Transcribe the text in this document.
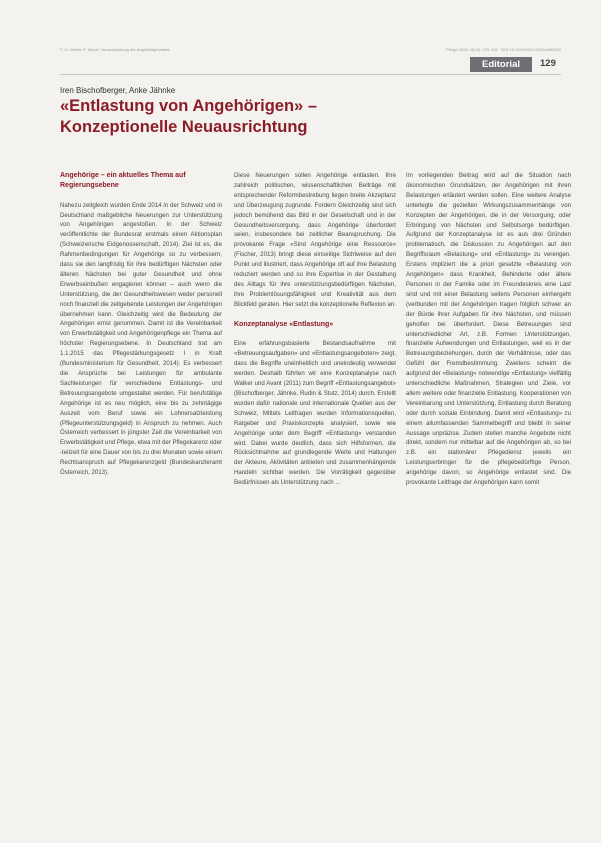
T.-O. Kieffer, P. Meyer: Neuausrichtung der Angehörigenarbeit	Pflege 2015; 28 (3): 129–131 · DOI 10.1024/1012-5302/a000433
Editorial	129
Iren Bischofberger, Anke Jähnke
«Entlastung von Angehörigen» – Konzeptionelle Neuausrichtung

Angehörige – ein aktuelles Thema auf Regierungsebene

Nahezu zeitgleich wurden Ende 2014 in der Schweiz und in Deutschland maßgebliche Neuerungen zur Unterstützung von Angehörigen angestoßen. In der Schweiz veröffentlichte der Bundesrat erstmals einen Aktionsplan (Schweizerische Eidgenossenschaft, 2014). Ziel ist es, die Rahmenbedingungen für Angehörige so zu verbessern, dass sie den langfristig für ihre bedürftigen Nächsten oder älteren Nächsten bei guter Gesundheit und ohne Erwerbseinbußen engagieren können – auch wenn die Unterstützung, die der Gesundheitswesen weder personell noch finanziell die zeitgebende Leistungen der Angehörigen übernehmen kann. Gleichzeitig wird die Bedeutung der Angehörigen ernst genommen. Damit ist die Vereinbarkeit von Erwerbstätigkeit und Angehörigenpflege ein Thema auf höchster Regierungsebene. In Deutschland trat am 1.1.2015 das Pflegestärkungsgesetz I in Kraft (Bundesministerium für Gesundheit, 2014). Es verbessert die Ansprüche bei Leistungen für ambulante Sachleistungen für verschiedene Entlastungs- und Betreuungsangebote umgestaltet werden. Für berufstätige Angehörige ist es neu möglich, eine bis zu zehntägige Auszeit vom Beruf sowie ein Lohnersatzleistung (Pflegeunterstützungsgeld) in Anspruch zu nehmen. Auch Österreich verbessert in jüngster Zeit die Vereinbarkeit von Erwerbstätigkeit und Pflege, etwa mit der Pflegekarenz oder -teilzeit für eine Dauer von bis zu drei Monaten sowie einem Rechtsanspruch auf Pflegekarenzgeld (Bundeskanzleramt Österreich, 2013).

Diese Neuerungen sollen Angehörige entlasten. Ihre zahlreich politischen, wissenschaftlichen Beiträge mit entsprechender Reformbestrebung liegen breite Akzeptanz und Überzeugung zugrunde. Fordern Gleichzeitig sind sich jedoch bemühend das Bild in der Gesellschaft und in der Gesundheitsversorgung, dass Angehörige überfordert seien, insbesondere bei zeitlicher Beanspruchung. Die provokante Frage «Sind Angehörige eine Ressource» (Fischer, 2013) bringt diese einseitige Sichtweise auf den Punkt und illustriert, dass Angehörige oft auf ihre Belastung reduziert werden und so ihre Expertise in der Gestaltung des Alltags für ihre unterstützungsbedürftigen Nächsten, ihre Problemlösungsfähigkeit und Kreativität aus dem Blickfeld geraten. Hier setzt die konzeptionelle Reflexion an.

Konzeptanalyse «Entlastung»

Eine erfahrungsbasierte Bestandsaufnahme mit «Betreuungsaufgaben» und «Entlastungsangeboten» zeigt, dass die Begriffe uneinheitlich und uneindeutig verwendet werden. Deshalb führten wir eine Konzeptanalyse nach Walker und Avant (2011) zum Begriff «Entlastungsangebot» (Bischofberger, Jähnke, Rudin & Stutz, 2014) durch. Erstellt wurden dafür nationale und internationale Quellen aus der Schweiz, Mittels Leitfragen wurden Informationsquellen, Ratgeber und Praxiskonzepte analysiert, sowie wie Angehörige unter dem Begriff «Entlastung» verstanden wird. Dabei wurde deutlich, dass sich Hilfsformen, die Rücksichtnahme auf grundlegende Werte und Haltungen der Akteure, Aktivitäten anbieten und zusammenhängende Handeln sichtbar werden. Die Vorrätigkeit gegenüber Bedürfnissen als Unterstützung nach ...

Im vorliegenden Beitrag wird auf die Situation nach ökonomischen Grundsätzen, der Angehörigen mit ihren Belastungen erläutert werden sollen. Eine weitere Analyse unterlegte die gezielten Wirkungszusammenhänge von Konzepten der Angehörigen, die in der Versorgung, oder Erbringung von Nächsten und Selbstsorge bedürftigen. Aufgrund der Konzeptanalyse ist es aus drei Gründen problematisch, die Diskussion zu Angehörigen auf den Begriffsraum «Belastung» und «Entlastung» zu verengen. Erstens impliziert die a priori gesetzte «Belastung von Angehörigen» dass Krankheit, Behinderte oder ältere Personen in der Familie oder im Freundeskreis eine Last sind und mit einer Belastung seitens Personen einhergeht (verbunden mit der Angehörigen tragen folglich schwer an der Bürde ihrer Aufgaben für ihre Nächsten, und müssen geholfen bei überfordert. Diese Betreuungen sind unterschiedlicher Art, z.B. Formen Unterstützungen, finanzielle Aufwendungen und Entlastungen, weil es in der Betreuungsbeziehungen, durch der Verhältnisse, oder das Gefühl der Fremdbestimmung. Zweitens scheint die aufgrund der «Belastung» notwendige «Entlastung» vielfältig unterschiedliche Maßnahmen, Strategien und Ziele, vor allem weitere oder finanzielle Entlastung, Kooperationen von Vereinbarung und Unterstützung, Entlastung durch Beratung oder durch soziale Einbindung. Damit wird «Entlastung» zu einem allumfassenden Sammelbegriff und bleibt in seiner Aussage unpräzise. Zudem stellen manche Angebote nicht direkt, sondern nur mittelbar auf die Angehörigen ab, so bei z.B. ein stationärer Pflegedienst jeweils ein Leistungserbringer für die pflegebedürftige Person, angehörige davon, so Angehörige entlastet sind. Die provokante Leitfrage der Angehörigen kann somit
